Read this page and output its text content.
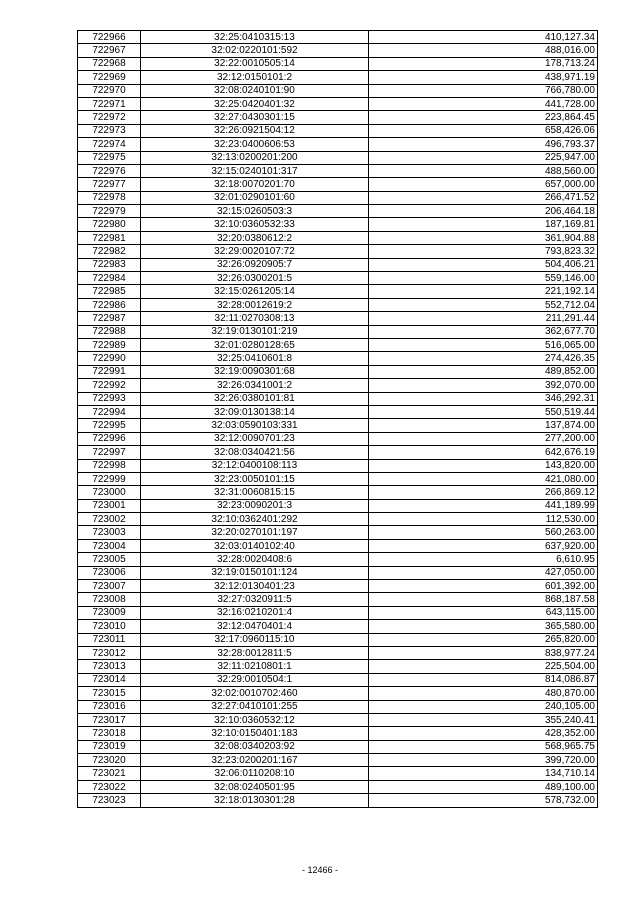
722966	32:25:0410315:13	410,127.34
722967	32:02:0220101:592	488,016.00
722968	32:22:0010505:14	178,713.24
722969	32:12:0150101:2	438,971.19
722970	32:08:0240101:90	766,780.00
722971	32:25:0420401:32	441,728.00
722972	32:27:0430301:15	223,864.45
722973	32:26:0921504:12	658,426.06
722974	32:23:0400606:53	496,793.37
722975	32:13:0200201:200	225,947.00
722976	32:15:0240101:317	488,560.00
722977	32:18:0070201:70	657,000.00
722978	32:01:0290101:60	266,471.52
722979	32:15:0260503:3	206,464.18
722980	32:10:0360532:33	187,169.81
722981	32:20:0380612:2	361,904.88
722982	32:29:0020107:72	793,823.32
722983	32:26:0920905:7	504,406.21
722984	32:26:0300201:5	559,146.00
722985	32:15:0261205:14	221,192.14
722986	32:28:0012619:2	552,712.04
722987	32:11:0270308:13	211,291.44
722988	32:19:0130101:219	362,677.70
722989	32:01:0280128:65	516,065.00
722990	32:25:0410601:8	274,426.35
722991	32:19:0090301:68	489,852.00
722992	32:26:0341001:2	392,070.00
722993	32:26:0380101:81	346,292.31
722994	32:09:0130138:14	550,519.44
722995	32:03:0590103:331	137,874.00
722996	32:12:0090701:23	277,200.00
722997	32:08:0340421:56	642,676.19
722998	32:12:0400108:113	143,820.00
722999	32:23:0050101:15	421,080.00
723000	32:31:0060815:15	266,869.12
723001	32:23:0090201:3	441,189.99
723002	32:10:0362401:292	112,530.00
723003	32:20:0270101:197	560,263.00
723004	32:03:0140102:40	637,920.00
723005	32:28:0020408:6	6,610.95
723006	32:19:0150101:124	427,050.00
723007	32:12:0130401:23	601,392.00
723008	32:27:0320911:5	868,187.58
723009	32:16:0210201:4	643,115.00
723010	32:12:0470401:4	365,580.00
723011	32:17:0960115:10	265,820.00
723012	32:28:0012811:5	838,977.24
723013	32:11:0210801:1	225,504.00
723014	32:29:0010504:1	814,086.87
723015	32:02:0010702:460	480,870.00
723016	32:27:0410101:255	240,105.00
723017	32:10:0360532:12	355,240.41
723018	32:10:0150401:183	428,352.00
723019	32:08:0340203:92	568,965.75
723020	32:23:0200201:167	399,720.00
723021	32:06:0110208:10	134,710.14
723022	32:08:0240501:95	489,100.00
723023	32:18:0130301:28	578,732.00
- 12466 -
